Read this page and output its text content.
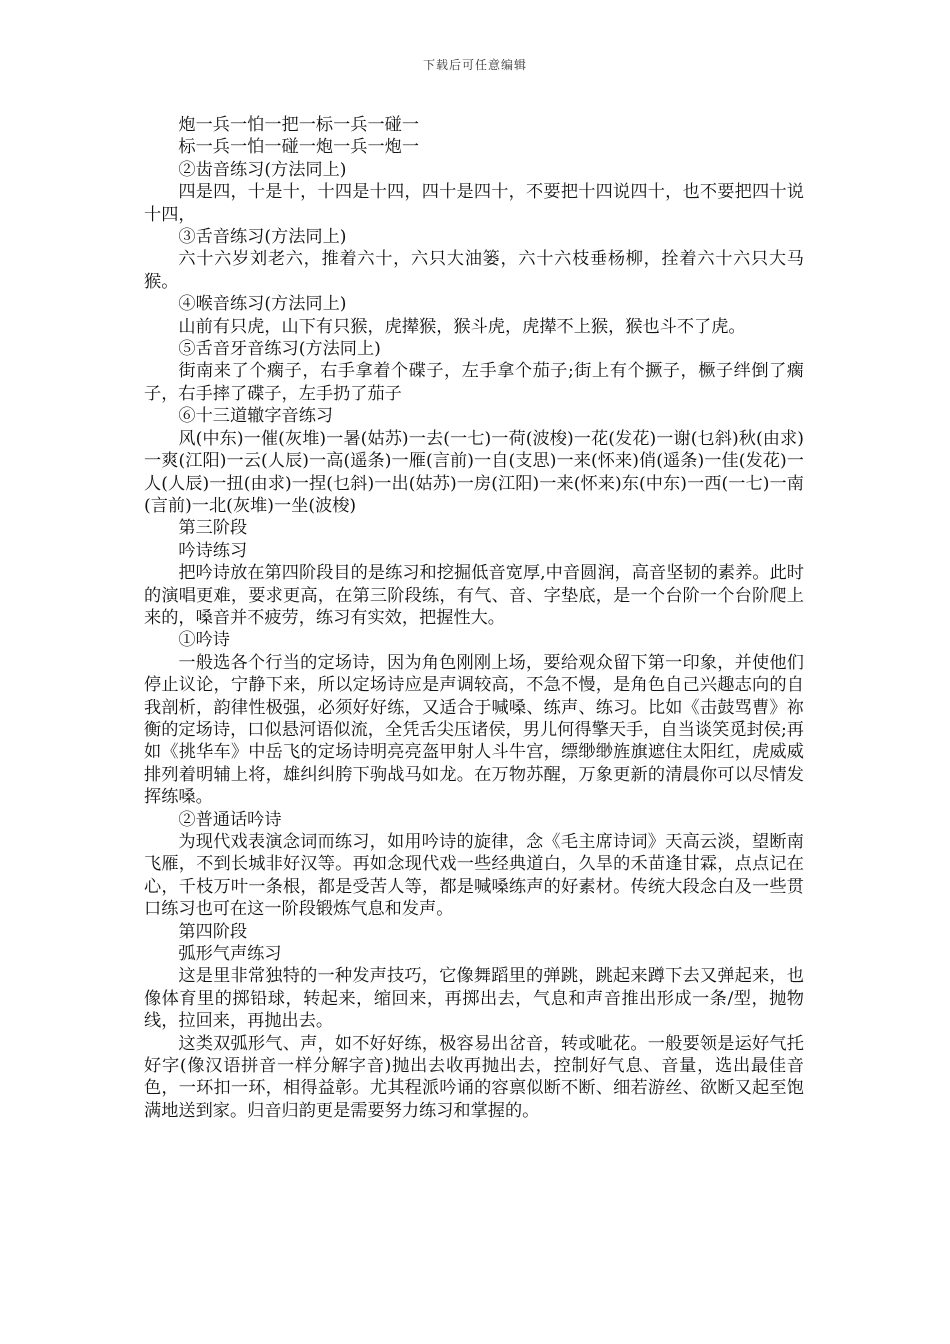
下载后可任意编辑

炮一兵一怕一把一标一兵一碰一

标一兵一怕一碰一炮一兵一炮一

②齿音练习(方法同上)

四是四，十是十，十四是十四，四十是四十，不要把十四说四十，也不要把四十说十四，

③舌音练习(方法同上)

六十六岁刘老六，推着六十，六只大油篓，六十六枝垂杨柳，拴着六十六只大马猴。

④喉音练习(方法同上)

山前有只虎，山下有只猴，虎撵猴，猴斗虎，虎撵不上猴，猴也斗不了虎。

⑤舌音牙音练习(方法同上)

街南来了个瘸子，右手拿着个碟子，左手拿个茄子;街上有个撅子，橛子绊倒了瘸子，右手摔了碟子，左手扔了茄子

⑥十三道辙字音练习

风(中东)一催(灰堆)一暑(姑苏)一去(一七)一荷(波梭)一花(发花)一谢(乜斜)秋(由求)一爽(江阳)一云(人辰)一高(遥条)一雁(言前)一自(支思)一来(怀来)俏(遥条)一佳(发花)一人(人辰)一扭(由求)一捏(乜斜)一出(姑苏)一房(江阳)一来(怀来)东(中东)一西(一七)一南(言前)一北(灰堆)一坐(波梭)

第三阶段

吟诗练习

把吟诗放在第四阶段目的是练习和挖掘低音宽厚,中音圆润，高音坚韧的素养。此时的演唱更难，要求更高，在第三阶段练，有气、音、字垫底，是一个台阶一个台阶爬上来的，嗓音并不疲劳，练习有实效，把握性大。

①吟诗

一般选各个行当的定场诗，因为角色刚刚上场，要给观众留下第一印象，并使他们停止议论，宁静下来，所以定场诗应是声调较高，不急不慢，是角色自己兴趣志向的自我剖析，韵律性极强，必须好好练，又适合于喊嗓、练声、练习。比如《击鼓骂曹》祢衡的定场诗，口似悬河语似流，全凭舌尖压诸侯，男儿何得擎天手，自当谈笑觅封侯;再如《挑华车》中岳飞的定场诗明亮亮盔甲射人斗牛宫，缥缈缈旌旗遮住太阳红，虎威威排列着明辅上将，雄纠纠胯下驹战马如龙。在万物苏醒，万象更新的清晨你可以尽情发挥练嗓。

②普通话吟诗

为现代戏表演念词而练习，如用吟诗的旋律，念《毛主席诗词》天高云淡，望断南飞雁，不到长城非好汉等。再如念现代戏一些经典道白，久旱的禾苗逢甘霖，点点记在心，千枝万叶一条根，都是受苦人等，都是喊嗓练声的好素材。传统大段念白及一些贯口练习也可在这一阶段锻炼气息和发声。

第四阶段

弧形气声练习

这是里非常独特的一种发声技巧，它像舞蹈里的弹跳，跳起来蹲下去又弹起来，也像体育里的掷铅球，转起来，缩回来，再掷出去，气息和声音推出形成一条/型，抛物线，拉回来，再抛出去。

这类双弧形气、声，如不好好练，极容易出岔音，转或呲花。一般要领是运好气托好字(像汉语拼音一样分解字音)抛出去收再抛出去，控制好气息、音量，选出最佳音色，一环扣一环，相得益彰。尤其程派吟诵的容禀似断不断、细若游丝、欲断又起至饱满地送到家。归音归韵更是需要努力练习和掌握的。
